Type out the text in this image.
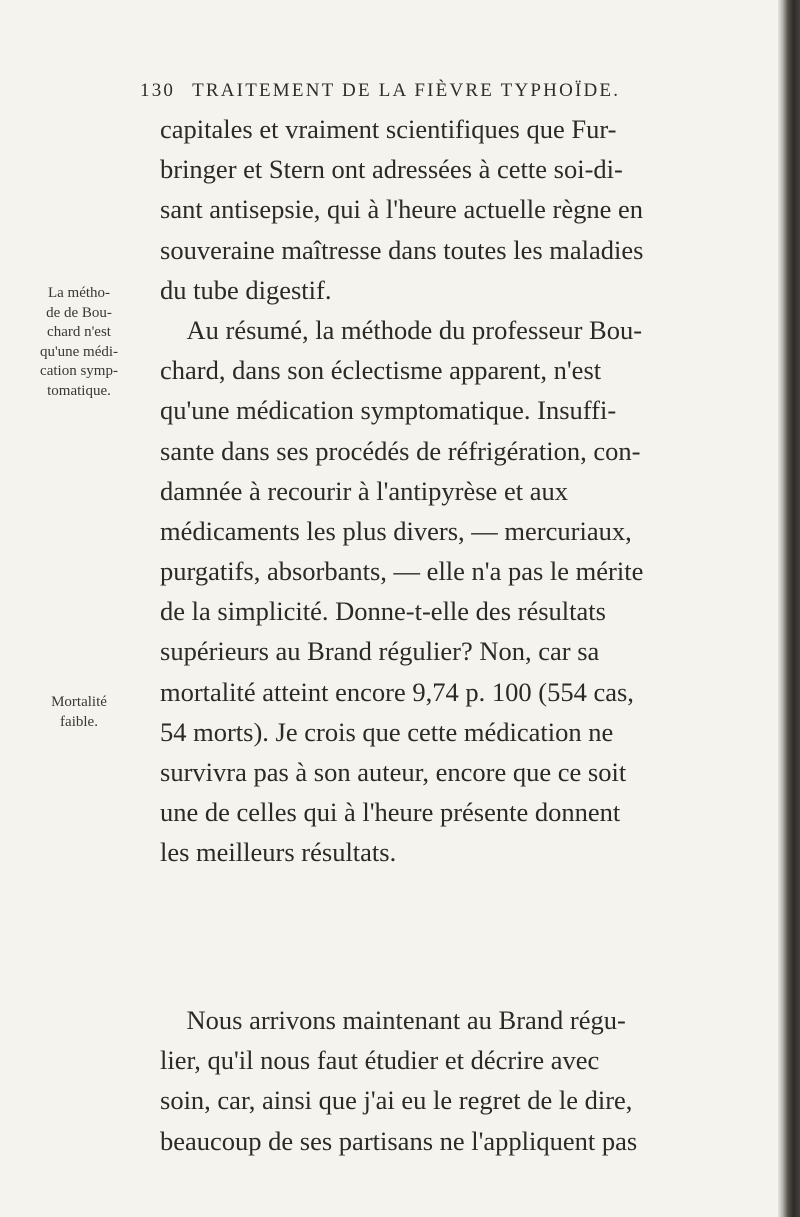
130 TRAITEMENT DE LA FIÈVRE TYPHOÏDE.
La métho-
de de Bou-
chard n'est
qu'une médi-
cation symp-
tomatique.
Mortalité
faible.
capitales et vraiment scientifiques que Fur-
bringer et Stern ont adressées à cette soi-di-
sant antisepsie, qui à l'heure actuelle règne en
souveraine maîtresse dans toutes les maladies
du tube digestif.
 Au résumé, la méthode du professeur Bou-
chard, dans son éclectisme apparent, n'est
qu'une médication symptomatique. Insuffi-
sante dans ses procédés de réfrigération, con-
damnée à recourir à l'antipyrèse et aux
médicaments les plus divers, — mercuriaux,
purgatifs, absorbants, — elle n'a pas le mérite
de la simplicité. Donne-t-elle des résultats
supérieurs au Brand régulier? Non, car sa
mortalité atteint encore 9,74 p. 100 (554 cas,
54 morts). Je crois que cette médication ne
survivra pas à son auteur, encore que ce soit
une de celles qui à l'heure présente donnent
les meilleurs résultats.
 Nous arrivons maintenant au Brand régu-
lier, qu'il nous faut étudier et décrire avec
soin, car, ainsi que j'ai eu le regret de le dire,
beaucoup de ses partisans ne l'appliquent pas
